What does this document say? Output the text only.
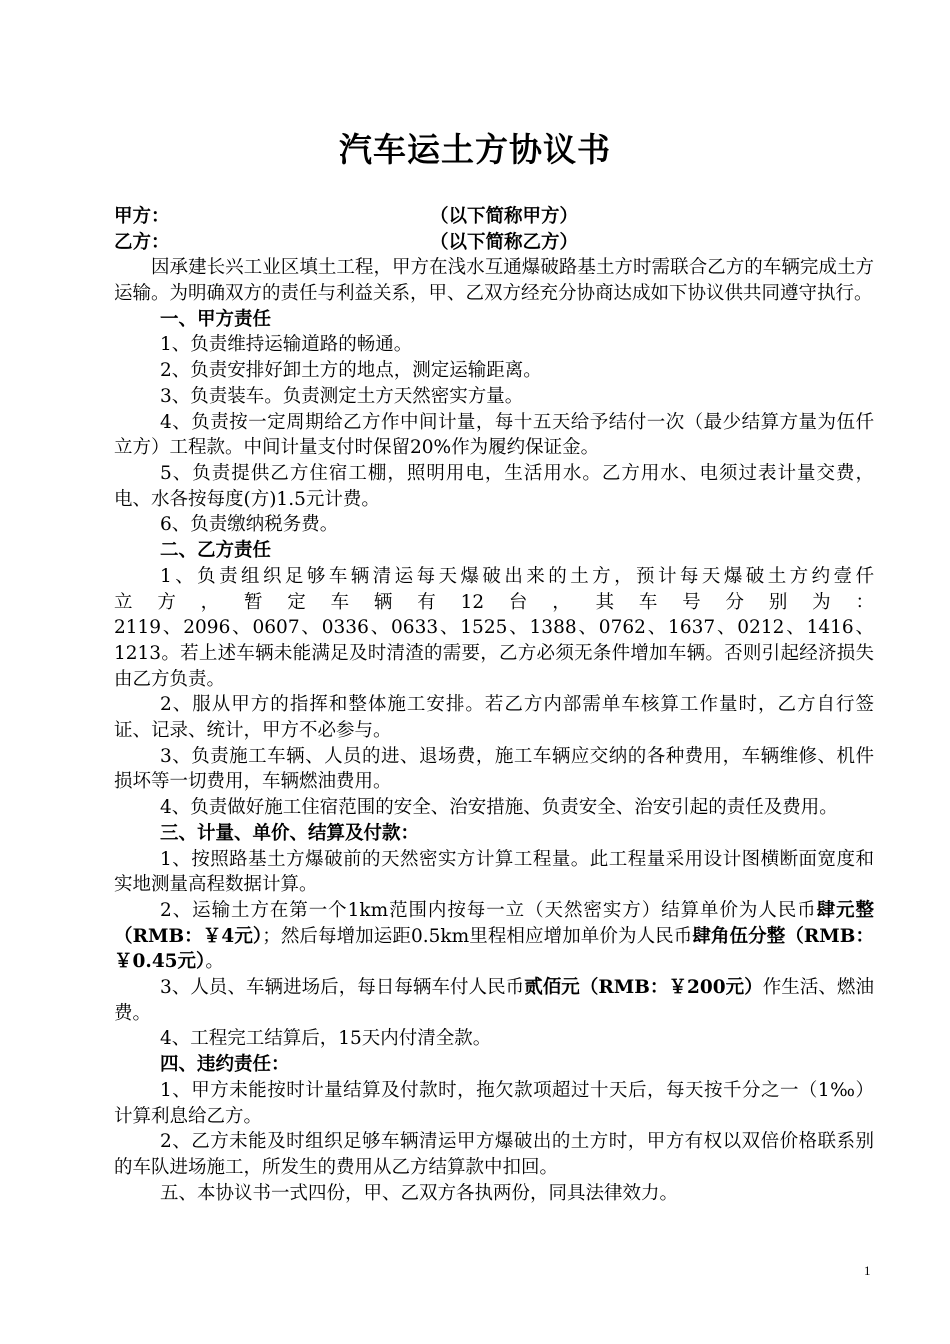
汽车运土方协议书
甲方：	（以下简称甲方）
乙方：	（以下简称乙方）
因承建长兴工业区填土工程，甲方在浅水互通爆破路基土方时需联合乙方的车辆完成土方运输。为明确双方的责任与利益关系，甲、乙双方经充分协商达成如下协议供共同遵守执行。
一、甲方责任
1、负责维持运输道路的畅通。
2、负责安排好卸土方的地点，测定运输距离。
3、负责装车。负责测定土方天然密实方量。
4、负责按一定周期给乙方作中间计量，每十五天给予结付一次（最少结算方量为伍仟立方）工程款。中间计量支付时保留20%作为履约保证金。
5、负责提供乙方住宿工棚，照明用电，生活用水。乙方用水、电须过表计量交费，电、水各按每度(方)1.5元计费。
6、负责缴纳税务费。
二、乙方责任
1、负责组织足够车辆清运每天爆破出来的土方，预计每天爆破土方约壹仟
立方，暂定车辆有12台，其车号分别为：
2119、2096、0607、0336、0633、1525、1388、0762、1637、0212、1416、1213。若上述车辆未能满足及时清渣的需要，乙方必须无条件增加车辆。否则引起经济损失由乙方负责。
2、服从甲方的指挥和整体施工安排。若乙方内部需单车核算工作量时，乙方自行签证、记录、统计，甲方不必参与。
3、负责施工车辆、人员的进、退场费，施工车辆应交纳的各种费用，车辆维修、机件损坏等一切费用，车辆燃油费用。
4、负责做好施工住宿范围的安全、治安措施、负责安全、治安引起的责任及费用。
三、计量、单价、结算及付款：
1、按照路基土方爆破前的天然密实方计算工程量。此工程量采用设计图横断面宽度和实地测量高程数据计算。
2、运输土方在第一个1km范围内按每一立（天然密实方）结算单价为人民币肆元整（RMB：￥4元）；然后每增加运距0.5km里程相应增加单价为人民币肆角伍分整（RMB：￥0.45元）。
3、人员、车辆进场后，每日每辆车付人民币贰佰元（RMB：￥200元）作生活、燃油费。
4、工程完工结算后，15天内付清全款。
四、违约责任：
1、甲方未能按时计量结算及付款时，拖欠款项超过十天后，每天按千分之一（1‰）计算利息给乙方。
2、乙方未能及时组织足够车辆清运甲方爆破出的土方时，甲方有权以双倍价格联系别的车队进场施工，所发生的费用从乙方结算款中扣回。
五、本协议书一式四份，甲、乙双方各执两份，同具法律效力。
1
